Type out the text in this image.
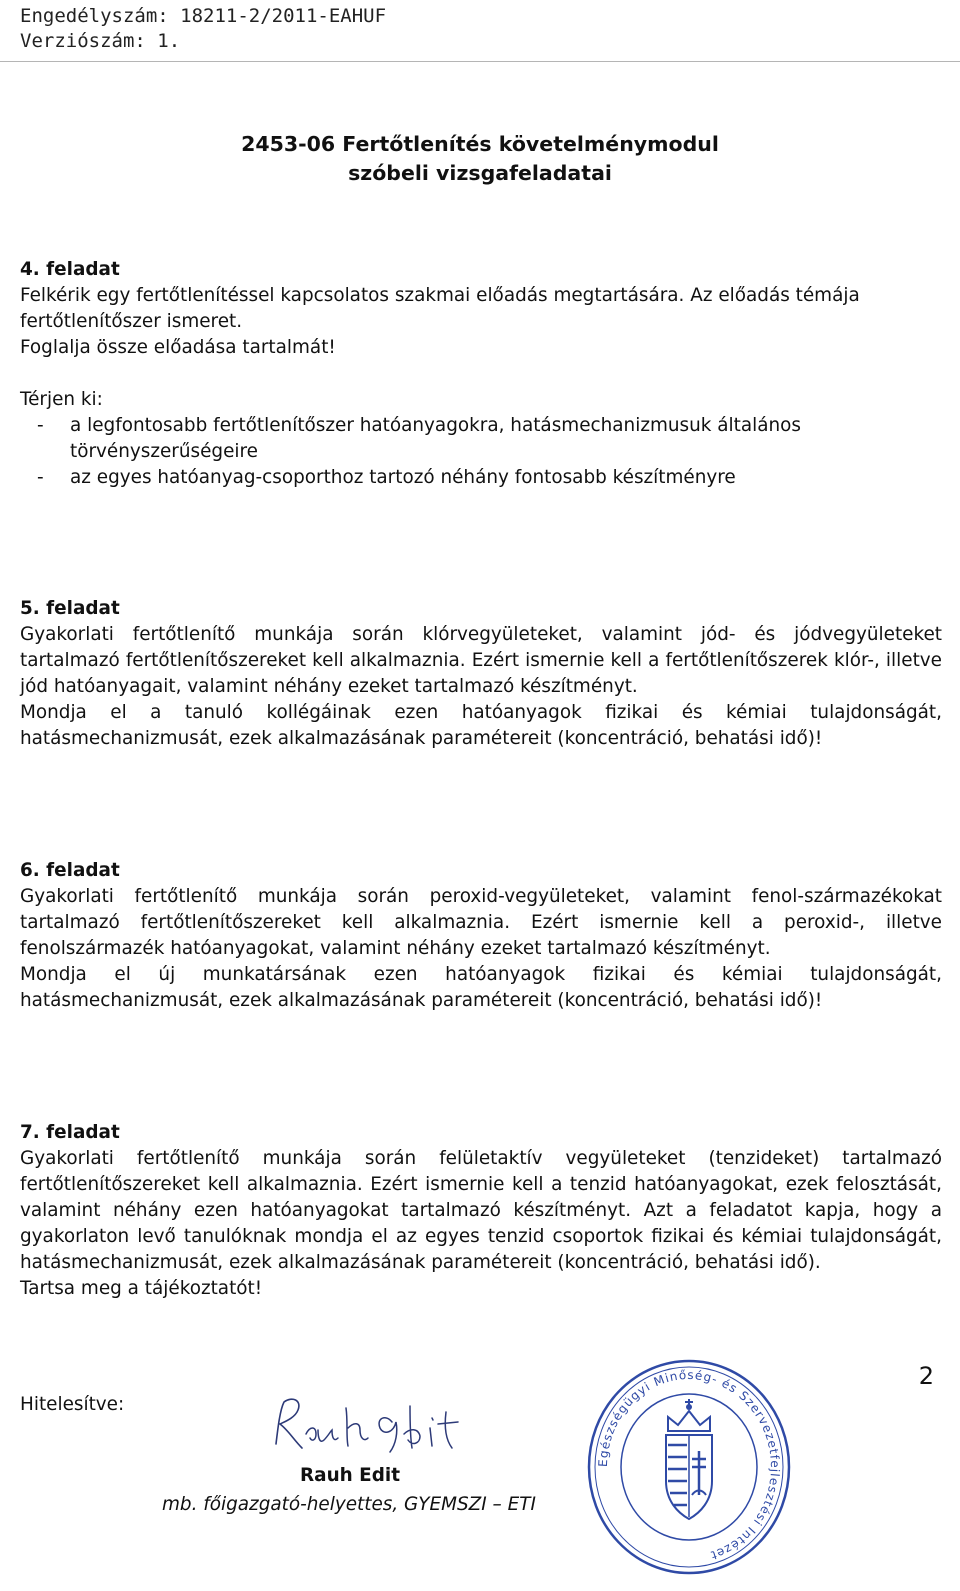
Engedélyszám: 18211-2/2011-EAHUF
Verziószám: 1.
2453-06 Fertőtlenítés követelménymodul
szóbeli vizsgafeladatai
4. feladat

Felkérik egy fertőtlenítéssel kapcsolatos szakmai előadás megtartására. Az előadás témája fertőtlenítőszer ismeret.

Foglalja össze előadása tartalmát!

Térjen ki:

- a legfontosabb fertőtlenítőszer hatóanyagokra, hatásmechanizmusuk általános törvényszerűségeire
- az egyes hatóanyag-csoporthoz tartozó néhány fontosabb készítményre
5. feladat

Gyakorlati fertőtlenítő munkája során klórvegyületeket, valamint jód- és jódvegyületeket tartalmazó fertőtlenítőszereket kell alkalmaznia. Ezért ismernie kell a fertőtlenítőszerek klór-, illetve jód hatóanyagait, valamint néhány ezeket tartalmazó készítményt.

Mondja el a tanuló kollégáinak ezen hatóanyagok fizikai és kémiai tulajdonságát, hatásmechanizmusát, ezek alkalmazásának paramétereit (koncentráció, behatási idő)!

6. feladat

Gyakorlati fertőtlenítő munkája során peroxid-vegyületeket, valamint fenol-származékokat tartalmazó fertőtlenítőszereket kell alkalmaznia. Ezért ismernie kell a peroxid-, illetve fenolszármazék hatóanyagokat, valamint néhány ezeket tartalmazó készítményt.

Mondja el új munkatársának ezen hatóanyagok fizikai és kémiai tulajdonságát, hatásmechanizmusát, ezek alkalmazásának paramétereit (koncentráció, behatási idő)!

7. feladat

Gyakorlati fertőtlenítő munkája során felületaktív vegyületeket (tenzideket) tartalmazó fertőtlenítőszereket kell alkalmaznia. Ezért ismernie kell a tenzid hatóanyagokat, ezek felosztását, valamint néhány ezen hatóanyagokat tartalmazó készítményt. Azt a feladatot kapja, hogy a gyakorlaton levő tanulóknak mondja el az egyes tenzid csoportok fizikai és kémiai tulajdonságát, hatásmechanizmusát, ezek alkalmazásának paramétereit (koncentráció, behatási idő).

Tartsa meg a tájékoztatót!

Hitelesítve:
2
Rauh Edit
mb. főigazgató-helyettes, GYEMSZI – ETI
Egészségügyi Minőség- és Szervezetfejlesztési Intézet
